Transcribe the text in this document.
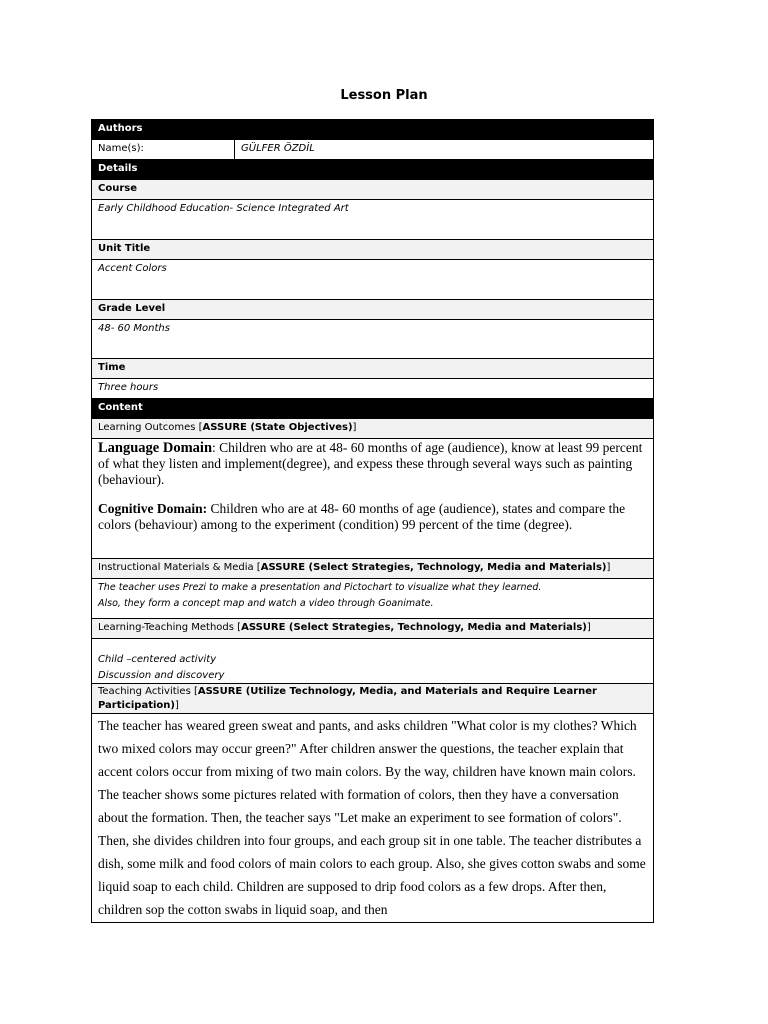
Lesson Plan
Authors
Name(s):	GÜLFER ÖZDİL
Details
Course
Early Childhood Education- Science Integrated Art
Unit Title
Accent Colors
Grade Level
48- 60 Months
Time
Three hours
Content
Learning Outcomes [ASSURE (State Objectives)]

Language Domain: Children who are at 48- 60 months of age (audience), know at least 99 percent of what they listen and implement(degree), and expess these through several ways such as painting (behaviour).

Cognitive Domain: Children who are at 48- 60 months of age (audience), states and compare the colors (behaviour) among to the experiment (condition) 99 percent of the time (degree).

Instructional Materials & Media [ASSURE (Select Strategies, Technology, Media and Materials)]
The teacher uses Prezi to make a presentation and Pictochart to visualize what they learned.
Also, they form a concept map and watch a video through Goanimate.
Learning-Teaching Methods [ASSURE (Select Strategies, Technology, Media and Materials)]
Child –centered activity
Discussion and discovery
Teaching Activities [ASSURE (Utilize Technology, Media, and Materials and Require Learner Participation)]
The teacher has weared green sweat and pants, and asks children "What color is my clothes? Which two mixed colors may occur green?" After children answer the questions, the teacher explain that accent colors occur from mixing of two main colors. By the way, children have known main colors. The teacher shows some pictures related with formation of colors, then they have a conversation about the formation. Then, the teacher says "Let make an experiment to see formation of colors". Then, she divides children into four groups, and each group sit in one table. The teacher distributes a dish, some milk and food colors of main colors to each group. Also, she gives cotton swabs and some liquid soap to each child. Children are supposed to drip food colors as a few drops. After then, children sop the cotton swabs in liquid soap, and then
